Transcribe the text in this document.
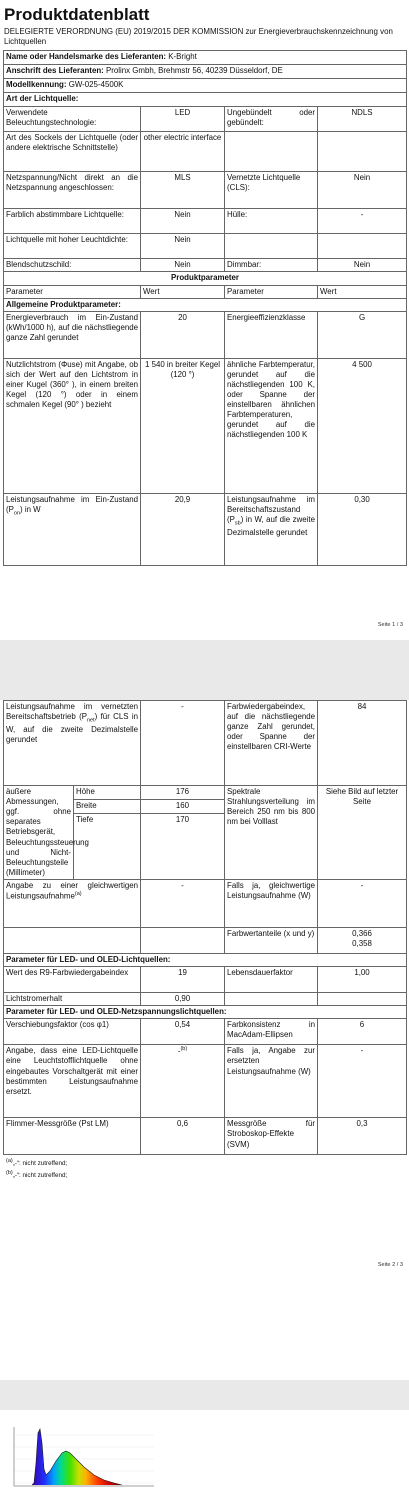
Produktdatenblatt
DELEGIERTE VERORDNUNG (EU) 2019/2015 DER KOMMISSION zur Energieverbrauchskennzeichnung von Lichtquellen
Name oder Handelsmarke des Lieferanten: K-Bright			
Anschrift des Lieferanten: Prolinx Gmbh, Brehmstr 56, 40239 Düsseldorf, DE			
Modellkennung: GW-025-4500K			
Art der Lichtquelle:			
Verwendete Beleuchtungstechnologie:	LED	Ungebündelt oder gebündelt:	NDLS
Art des Sockels der Lichtquelle (oder andere elektrische Schnittstelle)	other electric interface		
Netzspannung/Nicht direkt an die Netzspannung angeschlossen:	MLS	Vernetzte Lichtquelle (CLS):	Nein
Farblich abstimmbare Lichtquelle:	Nein	Hülle:	-
Lichtquelle mit hoher Leuchtdichte:	Nein		
Blendschutzschild:	Nein	Dimmbar:	Nein
Produktparameter			
Parameter	Wert	Parameter	Wert
Allgemeine Produktparameter:			
Energieverbrauch im Ein-Zustand (kWh/1000 h), auf die nächstliegende ganze Zahl gerundet	20	Energieeffizienzklasse	G
Nutzlichtstrom (Φuse) mit Angabe, ob sich der Wert auf den Lichtstrom in einer Kugel (360° ), in einem breiten Kegel (120 °) oder in einem schmalen Kegel (90° ) bezieht	1 540 in breiter Kegel (120 °)	ähnliche Farbtemperatur, gerundet auf die nächstliegenden 100 K, oder Spanne der einstellbaren ähnlichen Farbtemperaturen, gerundet auf die nächstliegenden 100 K	4 500
Leistungsaufnahme im Ein-Zustand $(P_{on})$ in W	20,9	Leistungsaufnahme im Bereitschaftszustand $(P_{sb})$ in W, auf die zweite Dezimalstelle gerundet	0,30
Seite 1 / 3
Leistungsaufnahme im vernetzten Bereitschaftsbetrieb $(P_{net})$ für CLS in W, auf die zweite Dezimalstelle gerundet		-	Farbwiedergabeindex, auf die nächstliegende ganze Zahl gerundet, oder Spanne der einstellbaren CRI-Werte	84
äußere Abmessungen, ggf. ohne separates Betriebsgerät, Beleuchtungssteuerung und Nicht-Beleuchtungsteile (Millimeter)	Höhe	176	Spektrale Strahlungsverteilung im Bereich 250 nm bis 800 nm bei Volllast	Siehe Bild auf letzter Seite
	Breite	160		
	Tiefe	170		
Angabe zu einer gleichwertigen Leistungsaufnahme$^{(a)}$		-	Falls ja, gleichwertige Leistungsaufnahme (W)	-
			Farbwertanteile (x und y)	0,366
0,358

Parameter für LED- und OLED-Lichtquellen:				
Wert des R9-Farbwiedergabeindex		19	Lebensdauerfaktor	1,00
Lichtstromerhalt		0,90		
Parameter für LED- und OLED-Netzspannungslichtquellen:				
Verschiebungsfaktor (cos φ1)		0,54	Farbkonsistenz in MacAdam-Ellipsen	6
Angabe, dass eine LED-Lichtquelle eine Leuchtstofflichtquelle ohne eingebautes Vorschaltgerät mit einer bestimmten Leistungsaufnahme ersetzt.		-$^{(b)}$	Falls ja, Angabe zur ersetzten Leistungsaufnahme (W)	-
Flimmer-Messgröße (Pst LM)		0,6	Messgröße für Stroboskop-Effekte (SVM)	0,3
$^{(a)}$„-“: nicht zutreffend;
$^{(b)}$„-“: nicht zutreffend;
Seite 2 / 3
